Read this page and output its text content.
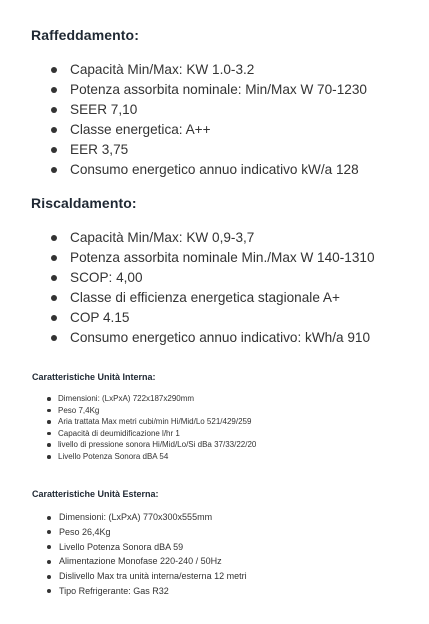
Raffeddamento:
Capacità Min/Max: KW 1.0-3.2
Potenza assorbita nominale: Min/Max W 70-1230
SEER 7,10
Classe energetica: A++
EER 3,75
Consumo energetico annuo indicativo kW/a 128
Riscaldamento:
Capacità Min/Max: KW 0,9-3,7
Potenza assorbita nominale Min./Max W 140-1310
SCOP: 4,00
Classe di efficienza energetica stagionale A+
COP 4.15
Consumo energetico annuo indicativo: kWh/a 910
Caratteristiche Unità Interna:
Dimensioni: (LxPxA) 722x187x290mm
Peso 7,4Kg
Aria trattata Max metri cubi/min Hi/Mid/Lo 521/429/259
Capacità di deumidificazione l/hr 1
livello di pressione sonora Hi/Mid/Lo/Si dBa 37/33/22/20
Livello Potenza Sonora dBA 54
Caratteristiche Unità Esterna:
Dimensioni: (LxPxA) 770x300x555mm
Peso 26,4Kg
Livello Potenza Sonora dBA 59
Alimentazione Monofase 220-240 / 50Hz
Dislivello Max tra unità interna/esterna 12 metri
Tipo Refrigerante: Gas R32
